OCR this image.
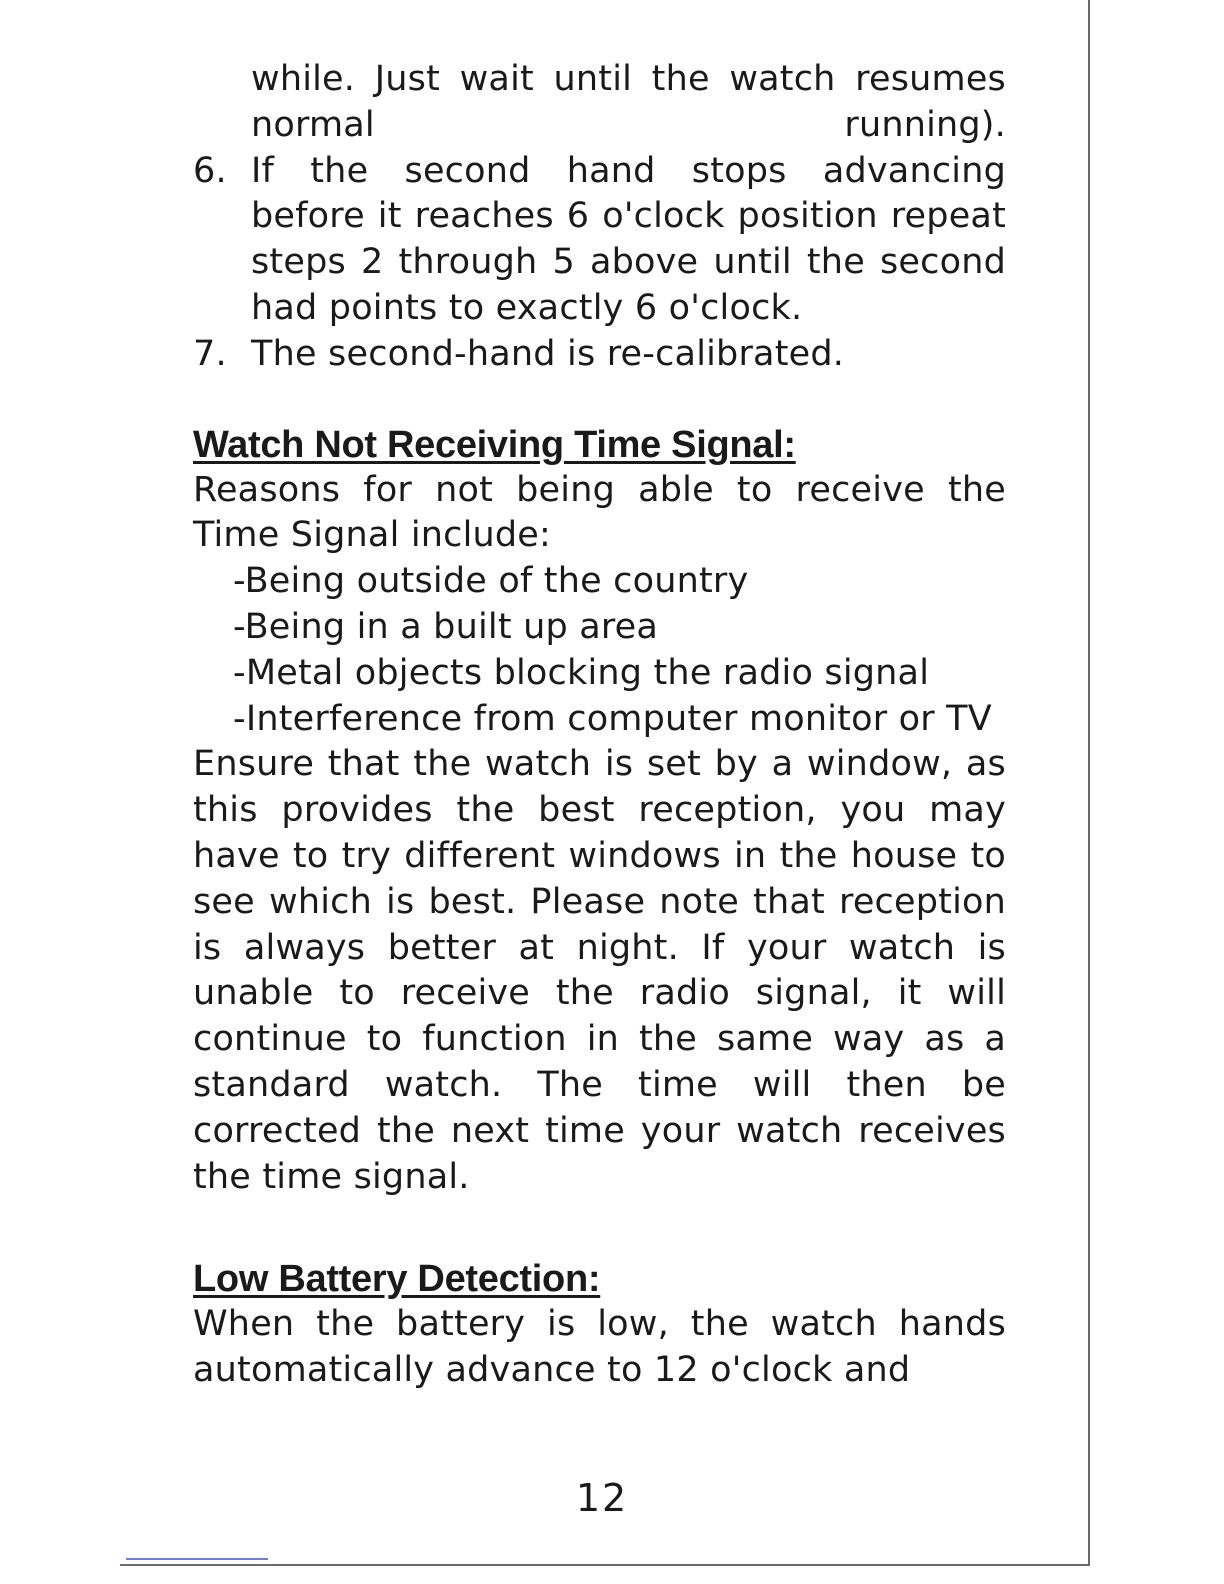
while. Just wait until the watch resumes normal running).
6. If the second hand stops advancing before it reaches 6 o'clock position repeat steps 2 through 5 above until the second had points to exactly 6 o'clock.
7. The second-hand is re-calibrated.
Watch Not Receiving Time Signal:
Reasons for not being able to receive the Time Signal include:
-Being outside of the country
-Being in a built up area
-Metal objects blocking the radio signal
-Interference from computer monitor or TV
Ensure that the watch is set by a window, as this provides the best reception, you may have to try different windows in the house to see which is best. Please note that reception is always better at night. If your watch is unable to receive the radio signal, it will continue to function in the same way as a standard watch. The time will then be corrected the next time your watch receives the time signal.
Low Battery Detection:
When the battery is low, the watch hands automatically advance to 12 o'clock and
12
